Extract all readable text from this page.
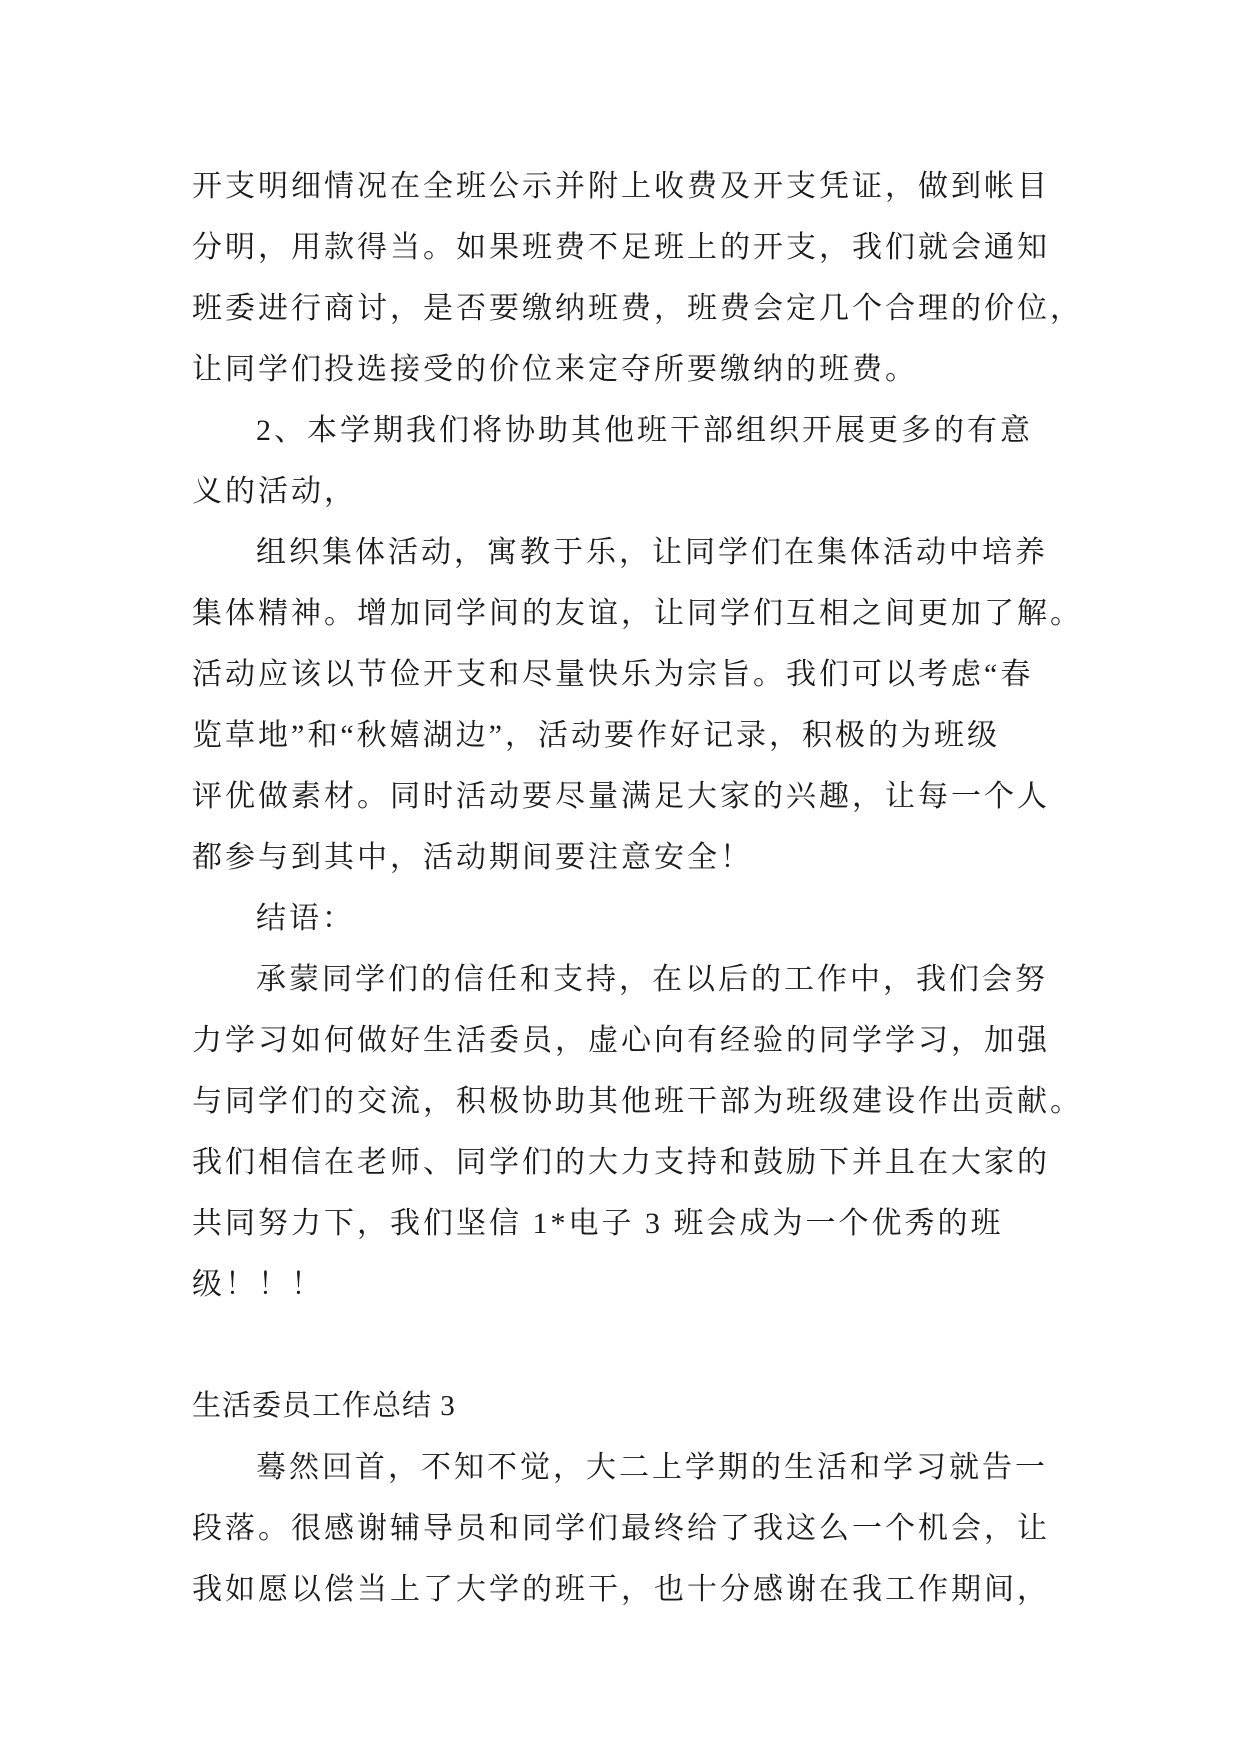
开支明细情况在全班公示并附上收费及开支凭证，做到帐目
分明，用款得当。如果班费不足班上的开支，我们就会通知
班委进行商讨，是否要缴纳班费，班费会定几个合理的价位，
让同学们投选接受的价位来定夺所要缴纳的班费。
2、本学期我们将协助其他班干部组织开展更多的有意
义的活动，
组织集体活动，寓教于乐，让同学们在集体活动中培养
集体精神。增加同学间的友谊，让同学们互相之间更加了解。
活动应该以节俭开支和尽量快乐为宗旨。我们可以考虑“春
览草地”和“秋嬉湖边”，活动要作好记录，积极的为班级
评优做素材。同时活动要尽量满足大家的兴趣，让每一个人
都参与到其中，活动期间要注意安全！
结语：
承蒙同学们的信任和支持，在以后的工作中，我们会努
力学习如何做好生活委员，虚心向有经验的同学学习，加强
与同学们的交流，积极协助其他班干部为班级建设作出贡献。
我们相信在老师、同学们的大力支持和鼓励下并且在大家的
共同努力下，我们坚信 1*电子 3 班会成为一个优秀的班
级！！！
生活委员工作总结 3
蓦然回首，不知不觉，大二上学期的生活和学习就告一
段落。很感谢辅导员和同学们最终给了我这么一个机会，让
我如愿以偿当上了大学的班干，也十分感谢在我工作期间，
